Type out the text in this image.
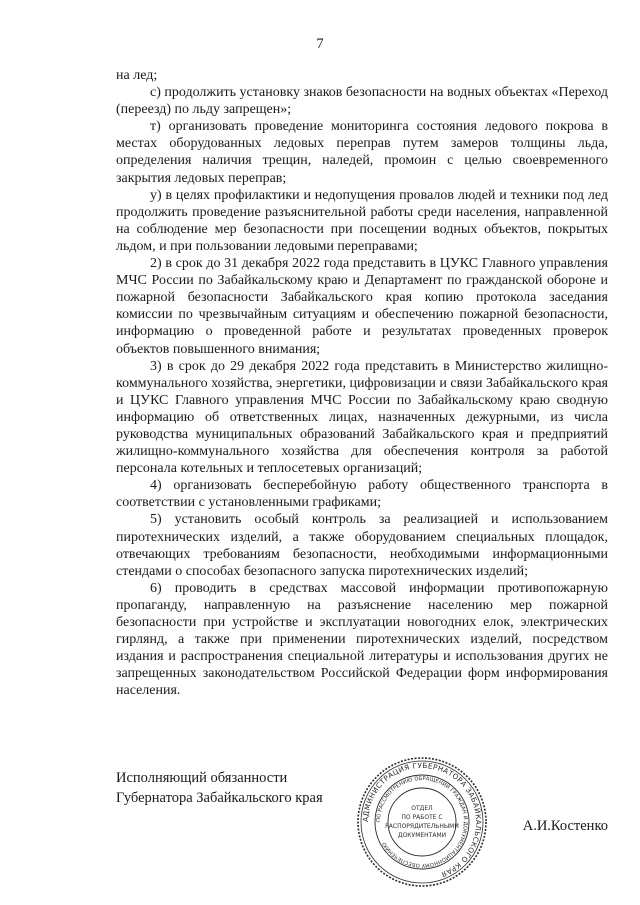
7

на лед;

с) продолжить установку знаков безопасности на водных объектах «Переход (переезд) по льду запрещен»;

т) организовать проведение мониторинга состояния ледового покрова в местах оборудованных ледовых переправ путем замеров толщины льда, определения наличия трещин, наледей, промоин с целью своевременного закрытия ледовых переправ;

у) в целях профилактики и недопущения провалов людей и техники под лед продолжить проведение разъяснительной работы среди населения, направленной на соблюдение мер безопасности при посещении водных объектов, покрытых льдом, и при пользовании ледовыми переправами;

2) в срок до 31 декабря 2022 года представить в ЦУКС Главного управления МЧС России по Забайкальскому краю и Департамент по гражданской обороне и пожарной безопасности Забайкальского края копию протокола заседания комиссии по чрезвычайным ситуациям и обеспечению пожарной безопасности, информацию о проведенной работе и результатах проведенных проверок объектов повышенного внимания;

3) в срок до 29 декабря 2022 года представить в Министерство жилищно-коммунального хозяйства, энергетики, цифровизации и связи Забайкальского края и ЦУКС Главного управления МЧС России по Забайкальскому краю сводную информацию об ответственных лицах, назначенных дежурными, из числа руководства муниципальных образований Забайкальского края и предприятий жилищно-коммунального хозяйства для обеспечения контроля за работой персонала котельных и теплосетевых организаций;

4) организовать бесперебойную работу общественного транспорта в соответствии с установленными графиками;

5) установить особый контроль за реализацией и использованием пиротехнических изделий, а также оборудованием специальных площадок, отвечающих требованиям безопасности, необходимыми информационными стендами о способах безопасного запуска пиротехнических изделий;

6) проводить в средствах массовой информации противопожарную пропаганду, направленную на разъяснение населению мер пожарной безопасности при устройстве и эксплуатации новогодних елок, электрических гирлянд, а также при применении пиротехнических изделий, посредством издания и распространения специальной литературы и использования других не запрещенных законодательством Российской Федерации форм информирования населения.

Исполняющий обязанности
Губернатора Забайкальского края
АДМИНИСТРАЦИЯ ГУБЕРНАТОРА ЗАБАЙКАЛЬСКОГО КРАЯ
ПО РАССМОТРЕНИЮ ОБРАЩЕНИЙ ГРАЖДАН И ДОКУМЕНТАЦИОННОМУ ОБЕСПЕЧЕНИЮ
ОТДЕЛ
ПО РАБОТЕ С
РАСПОРЯДИТЕЛЬНЫМИ
ДОКУМЕНТАМИ
А.И.Костенко
